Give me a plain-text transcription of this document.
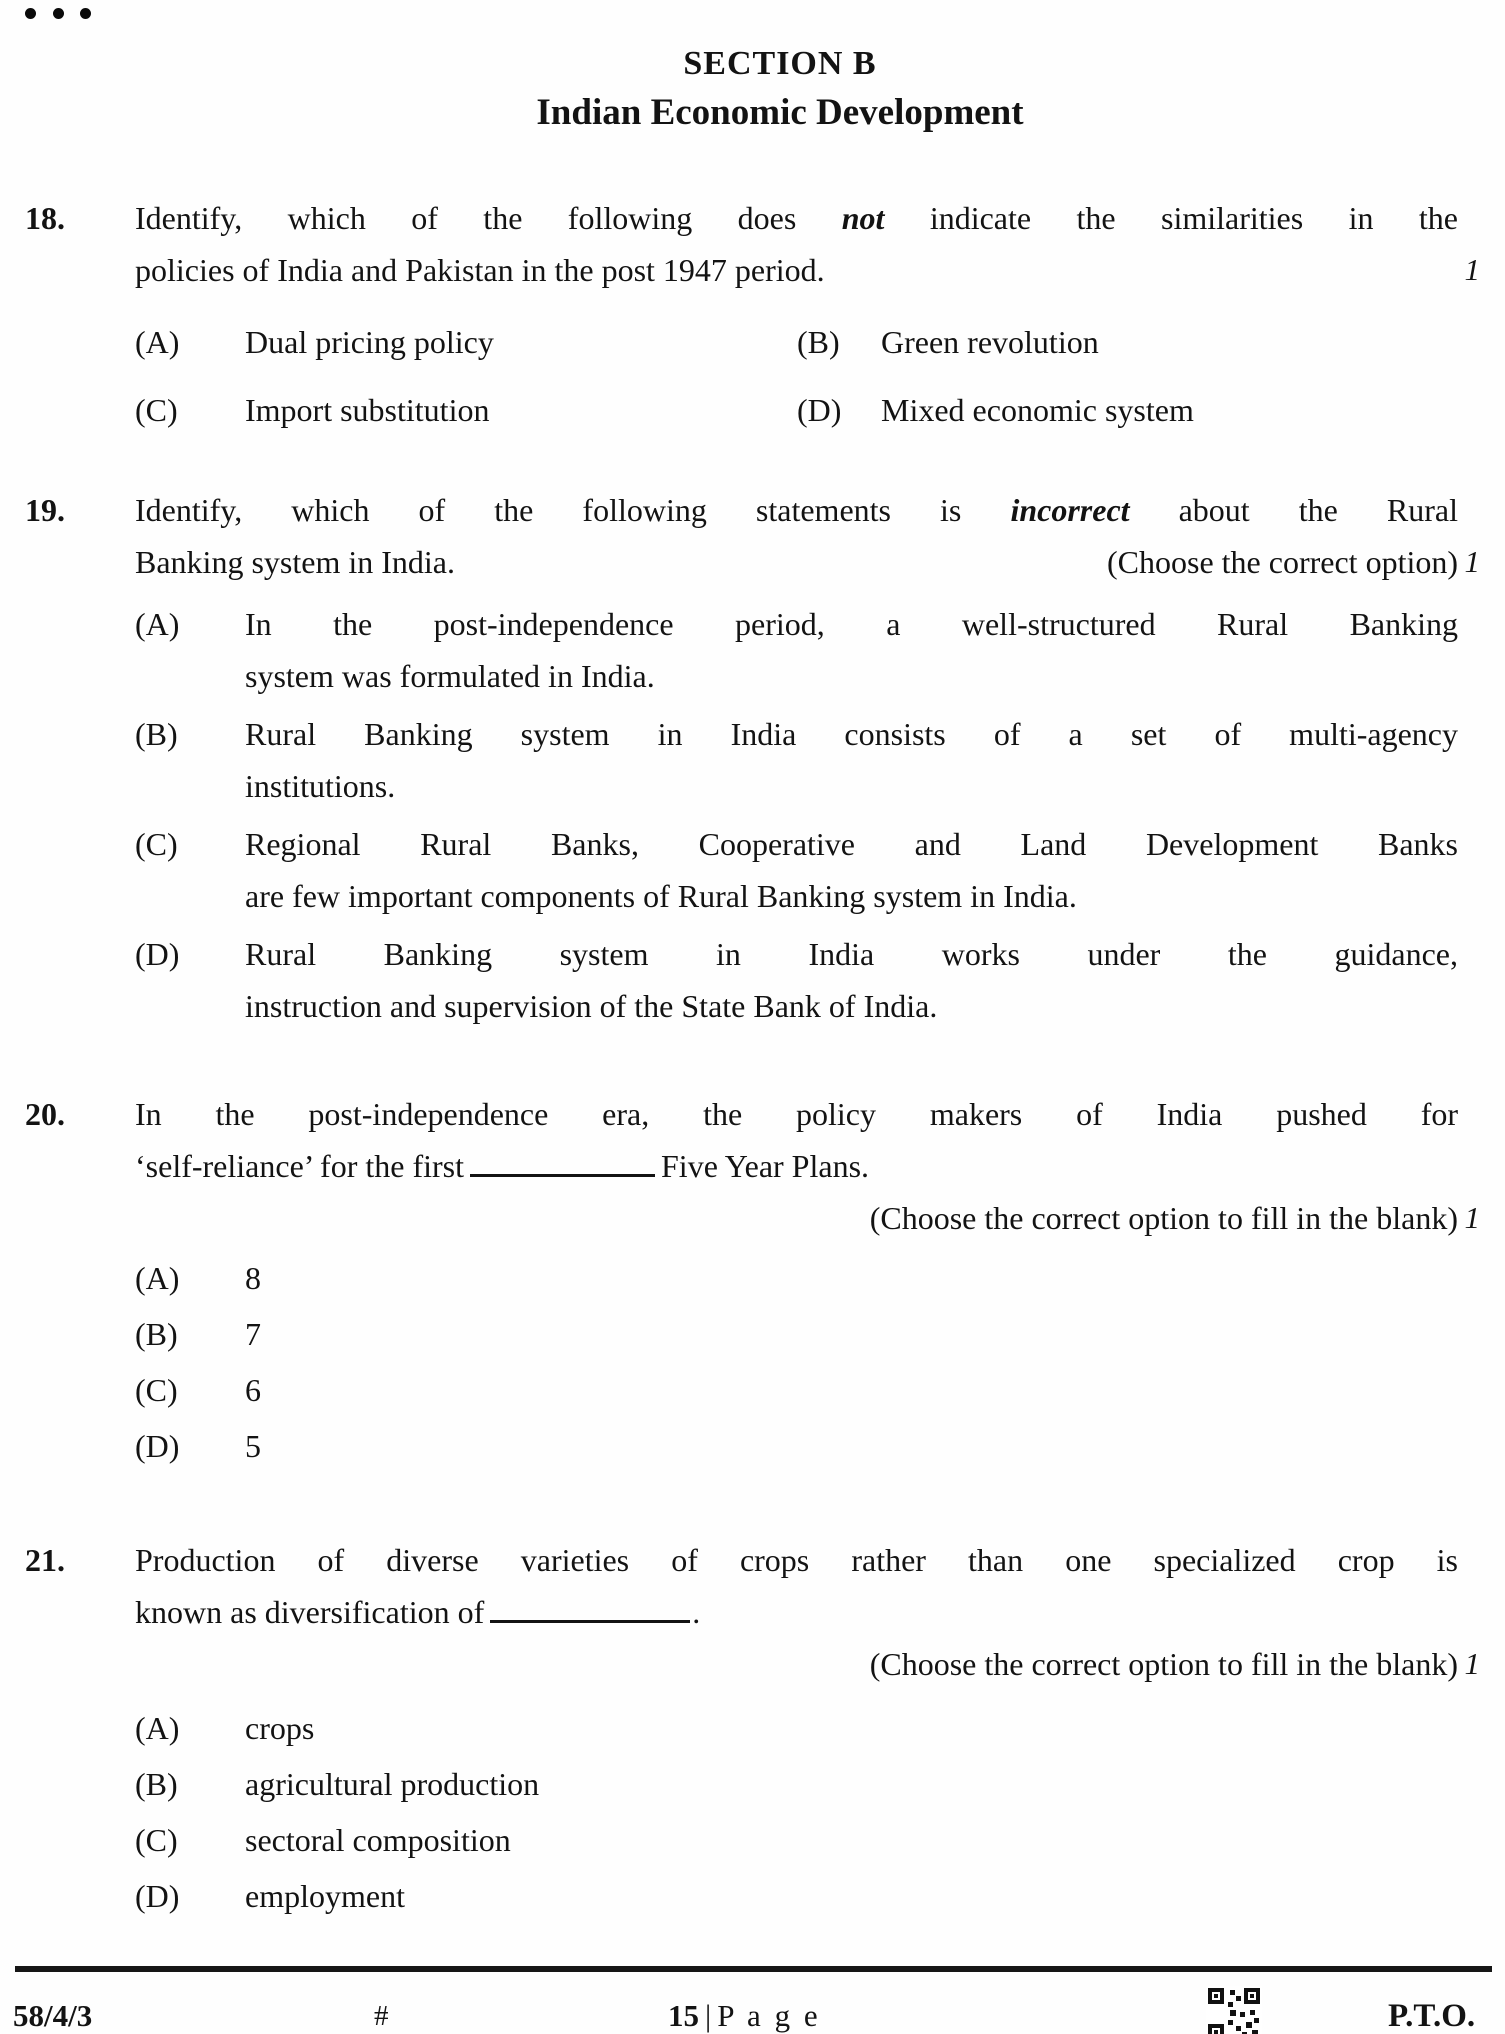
SECTION B
Indian Economic Development
18.
1
Identify, which of the following does not indicate the similarities in the
policies of India and Pakistan in the post 1947 period.
(A) Dual pricing policy	(B) Green revolution
(C) Import substitution	(D) Mixed economic system
19.
1
Identify, which of the following statements is incorrect about the Rural
Banking system in India.	(Choose the correct option)
(A)	In the post-independence period, a well-structured Rural Banking
system was formulated in India.
(B)	Rural Banking system in India consists of a set of multi-agency
institutions.
(C)	Regional Rural Banks, Cooperative and Land Development Banks
are few important components of Rural Banking system in India.
(D)	Rural Banking system in India works under the guidance,
instruction and supervision of the State Bank of India.
20.
1
In the post-independence era, the policy makers of India pushed for
‘self-reliance’ for the first	Five Year Plans.
(Choose the correct option to fill in the blank)
(A) 8
(B) 7
(C) 6
(D) 5
21.
1
Production of diverse varieties of crops rather than one specialized crop is
known as diversification of	.
(Choose the correct option to fill in the blank)
(A) crops
(B) agricultural production
(C) sectoral composition
(D) employment
58/4/3	#	15 | P a g e	P.T.O.
